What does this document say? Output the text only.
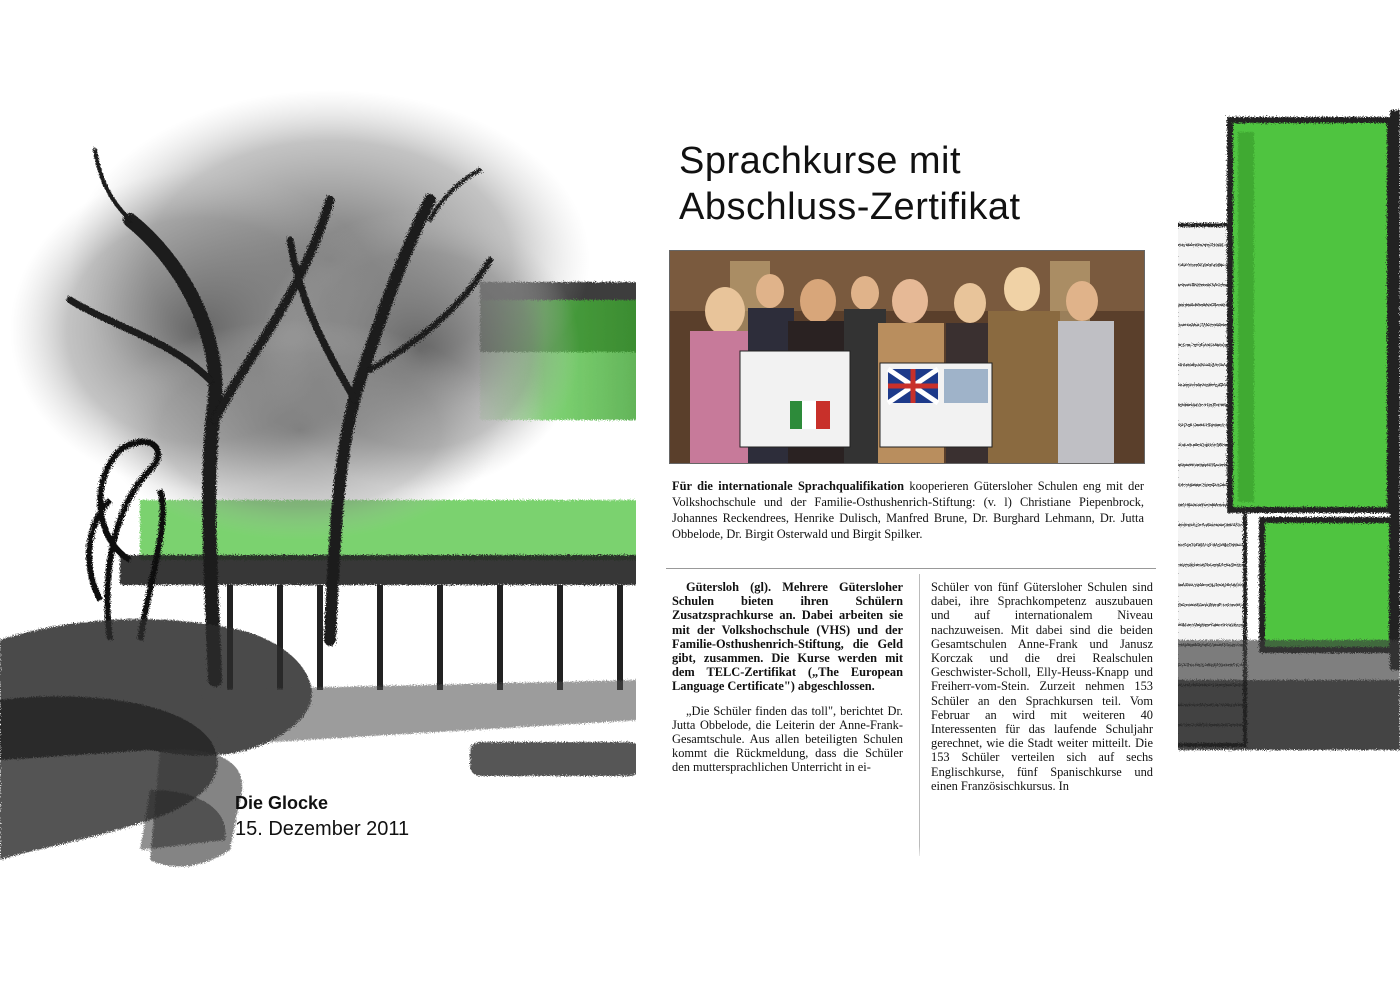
Sprachkurse mit
Abschluss-Zertifikat
Für die internationale Sprachqualifikation kooperieren Gütersloher Schulen eng mit der Volkshochschule und der Familie-Osthushenrich-Stiftung: (v. l) Christiane Piepenbrock, Johannes Reckendrees, Henrike Dulisch, Manfred Brune, Dr. Burghard Lehmann, Dr. Jutta Obbelode, Dr. Birgit Osterwald und Birgit Spilker.

Gütersloh (gl). Mehrere Gütersloher Schulen bieten ihren Schülern Zusatzsprachkurse an. Dabei arbeiten sie mit der Volkshochschule (VHS) und der Familie-Osthushenrich-Stiftung, die Geld gibt, zusammen. Die Kurse werden mit dem TELC-Zertifikat („The European Language Certificate") abgeschlossen.

„Die Schüler finden das toll", berichtet Dr. Jutta Obbelode, die Leiterin der Anne-Frank-Gesamtschule. Aus allen beteiligten Schulen kommt die Rückmeldung, dass die Schüler den muttersprachlichen Unterricht in ei-

Schüler von fünf Gütersloher Schulen sind dabei, ihre Sprachkompetenz auszubauen und auf internationalem Niveau nachzuweisen. Mit dabei sind die beiden Gesamtschulen Anne-Frank und Janusz Korczak und die drei Realschulen Geschwister-Scholl, Elly-Heuss-Knapp und Freiherr-vom-Stein. Zurzeit nehmen 153 Schüler an den Sprachkursen teil. Vom Februar an wird mit weiteren 40 Interessenten für das laufende Schuljahr gerechnet, wie die Stadt weiter mitteilt. Die 153 Schüler verteilen sich auf sechs Englischkurse, fünf Spanischkurse und einen Französischkursus. In

Die Glocke
15. Dezember 2011
